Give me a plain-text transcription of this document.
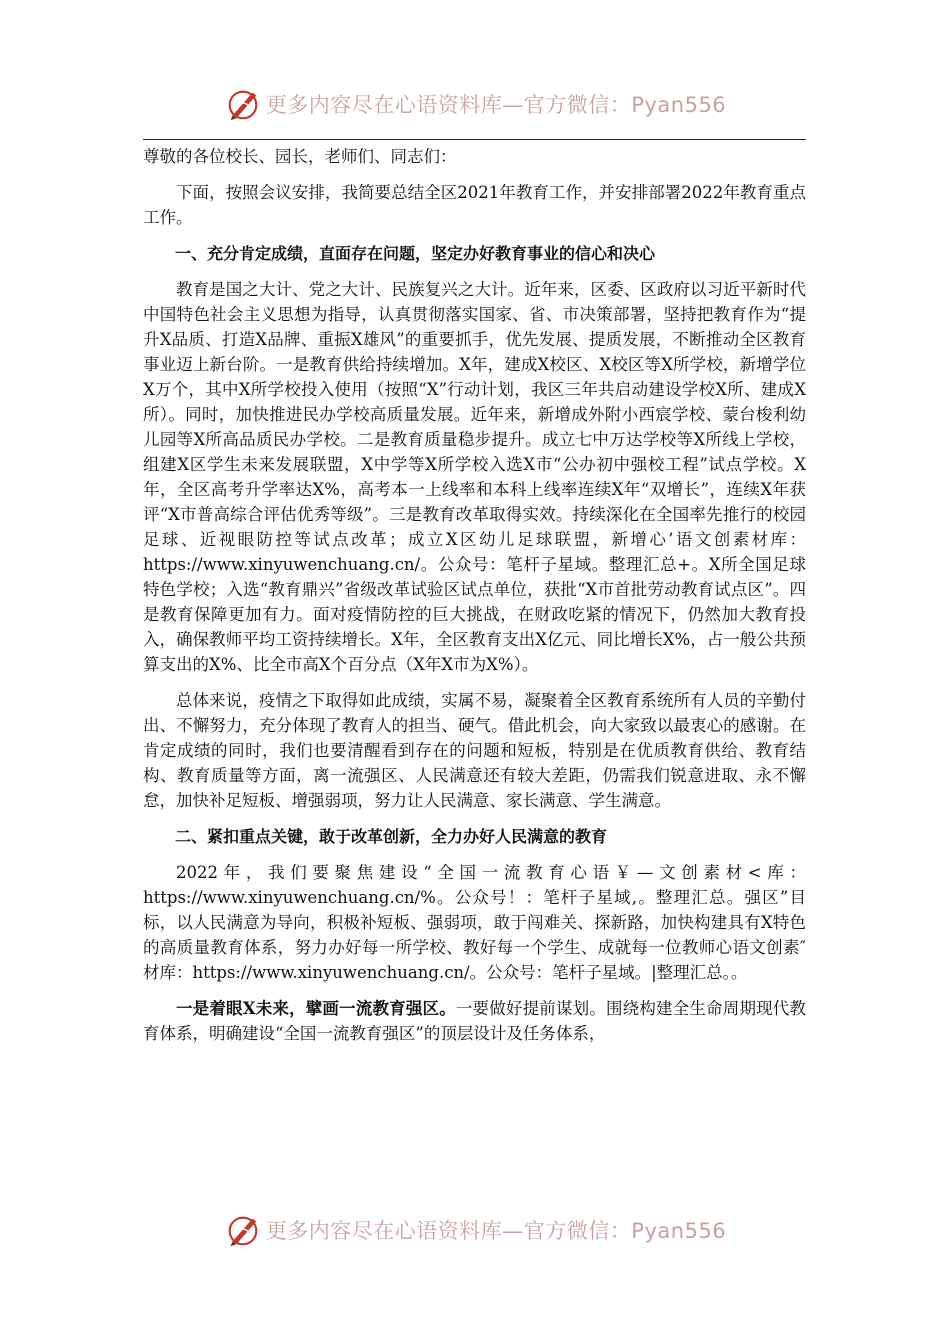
更多内容尽在心语资料库—官方微信：Pyan556

尊敬的各位校长、园长，老师们、同志们：

下面，按照会议安排，我简要总结全区2021年教育工作，并安排部署2022年教育重点工作。

一、充分肯定成绩，直面存在问题，坚定办好教育事业的信心和决心

教育是国之大计、党之大计、民族复兴之大计。近年来，区委、区政府以习近平新时代中国特色社会主义思想为指导，认真贯彻落实国家、省、市决策部署，坚持把教育作为“提升X品质、打造X品牌、重振X雄风”的重要抓手，优先发展、提质发展，不断推动全区教育事业迈上新台阶。一是教育供给持续增加。X年，建成X校区、X校区等X所学校，新增学位X万个，其中X所学校投入使用（按照“X”行动计划，我区三年共启动建设学校X所、建成X所）。同时，加快推进民办学校高质量发展。近年来，新增成外附小西宸学校、蒙台梭利幼儿园等X所高品质民办学校。二是教育质量稳步提升。成立七中万达学校等X所线上学校，组建X区学生未来发展联盟，X中学等X所学校入选X市“公办初中强校工程”试点学校。X年，全区高考升学率达X%，高考本一上线率和本科上线率连续X年“双增长”，连续X年获评“X市普高综合评估优秀等级”。三是教育改革取得实效。持续深化在全国率先推行的校园足球、近视眼防控等试点改革；成立X区幼儿足球联盟，新增心’语文创素材库：https://www.xinyuwenchuang.cn/。公众号：笔杆子星域。整理汇总+。X所全国足球特色学校；入选“教育鼎兴”省级改革试验区试点单位，获批“X市首批劳动教育试点区”。四是教育保障更加有力。面对疫情防控的巨大挑战，在财政吃紧的情况下，仍然加大教育投入，确保教师平均工资持续增长。X年，全区教育支出X亿元、同比增长X%，占一般公共预算支出的X%、比全市高X个百分点（X年X市为X%）。

总体来说，疫情之下取得如此成绩，实属不易，凝聚着全区教育系统所有人员的辛勤付出、不懈努力，充分体现了教育人的担当、硬气。借此机会，向大家致以最衷心的感谢。在肯定成绩的同时，我们也要清醒看到存在的问题和短板，特别是在优质教育供给、教育结构、教育质量等方面，离一流强区、人民满意还有较大差距，仍需我们锐意进取、永不懈怠，加快补足短板、增强弱项，努力让人民满意、家长满意、学生满意。

二、紧扣重点关键，敢于改革创新，全力办好人民满意的教育

2022年，我们要聚焦建设“全国一流教育心语￥—文创素材<库：https://www.xinyuwenchuang.cn/%。公众号！：笔杆子星域,。整理汇总。强区”目标，以人民满意为导向，积极补短板、强弱项，敢于闯难关、探新路，加快构建具有X特色的高质量教育体系，努力办好每一所学校、教好每一个学生、成就每一位教师心语文创素″材库：https://www.xinyuwenchuang.cn/。公众号：笔杆子星域。|整理汇总。。

一是着眼X未来，擘画一流教育强区。一要做好提前谋划。围绕构建全生命周期现代教育体系，明确建设“全国一流教育强区”的顶层设计及任务体系，

更多内容尽在心语资料库—官方微信：Pyan556
